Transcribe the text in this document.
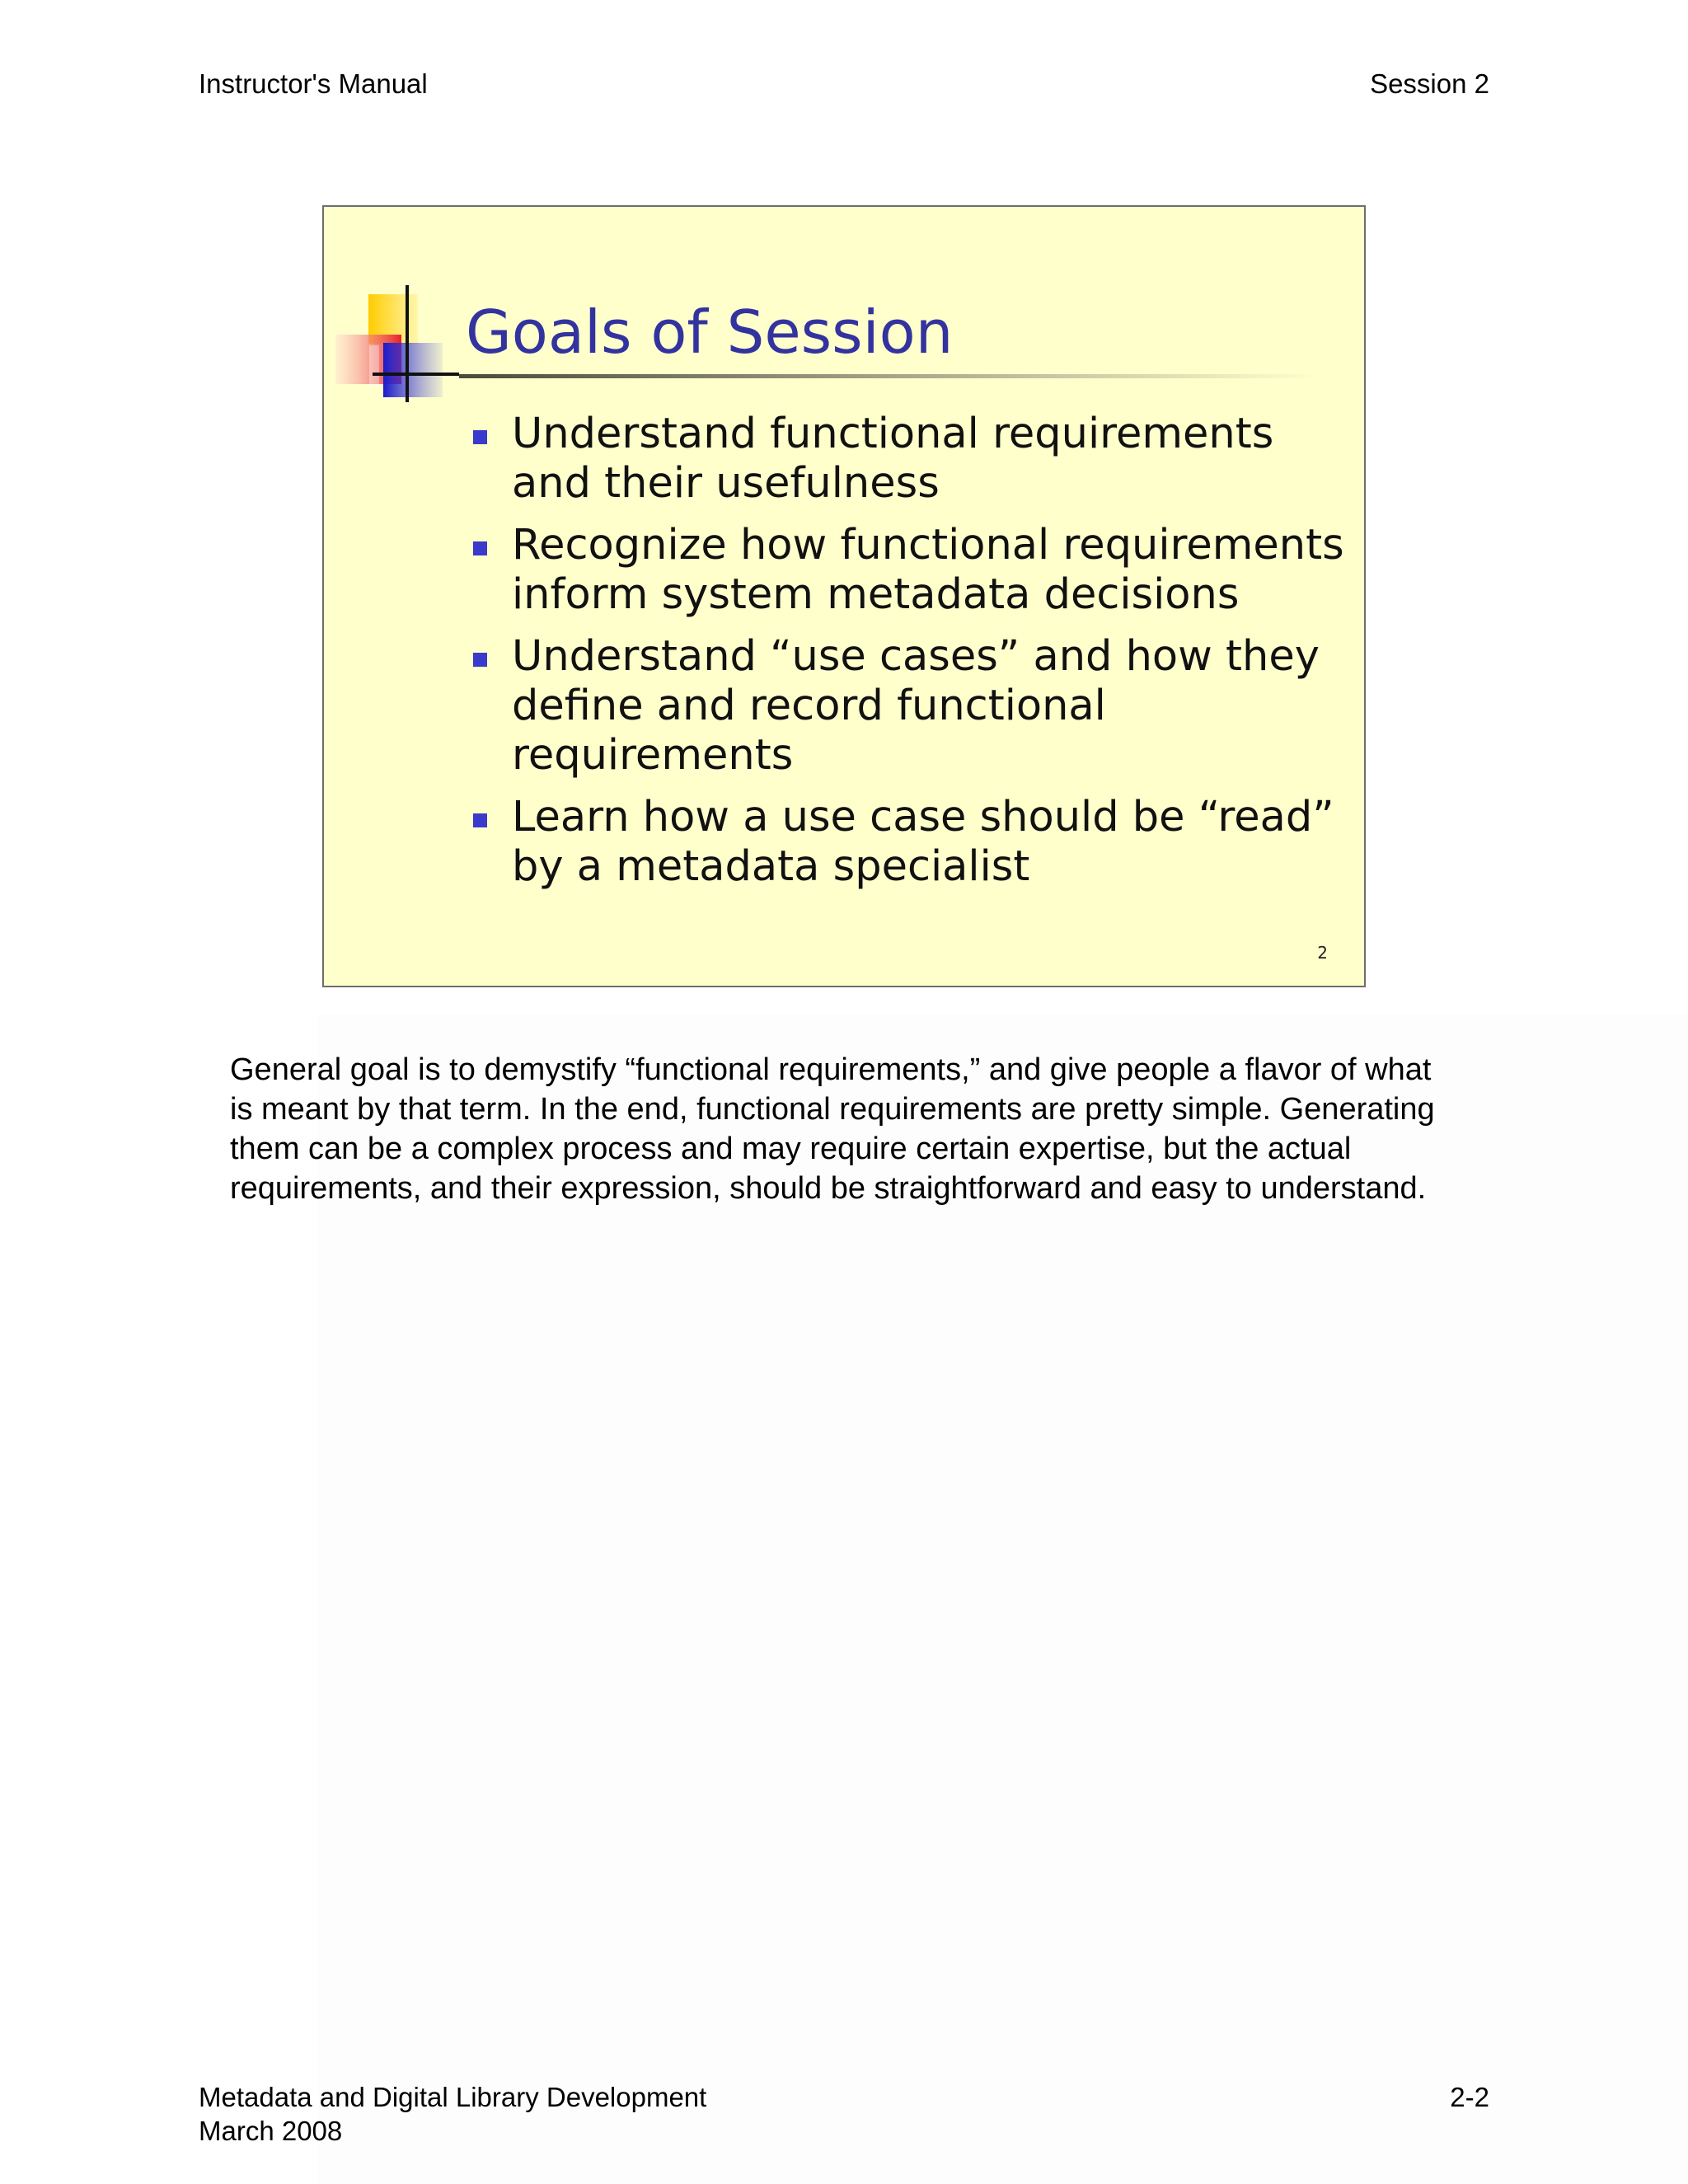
Instructor's Manual	Session 2
Goals of Session
Understand functional requirements and their usefulness
Recognize how functional requirements inform system metadata decisions
Understand “use cases” and how they define and record functional requirements
Learn how a use case should be “read” by a metadata specialist
2

General goal is to demystify “functional requirements,” and give people a flavor of what is meant by that term. In the end, functional requirements are pretty simple. Generating them can be a complex process and may require certain expertise, but the actual requirements, and their expression, should be straightforward and easy to understand.

Metadata and Digital Library Development
March 2008
2-2
